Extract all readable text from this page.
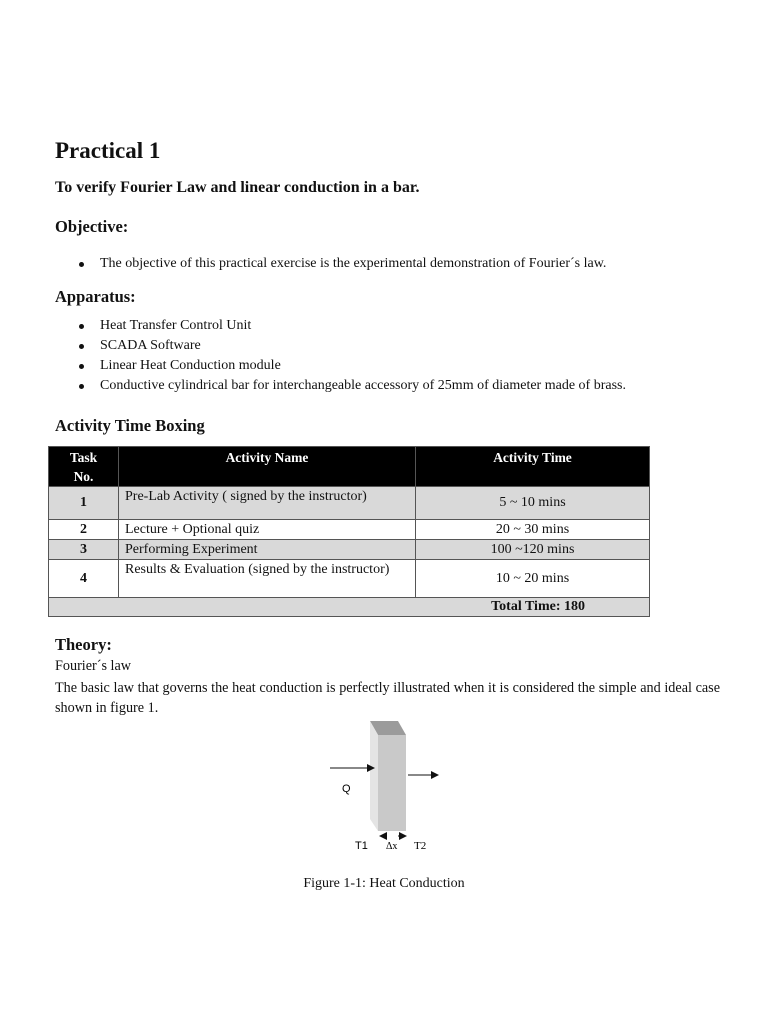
Practical 1
To verify Fourier Law and linear conduction in a bar.
Objective:
The objective of this practical exercise is the experimental demonstration of Fourier´s law.
Apparatus:
Heat Transfer Control Unit
SCADA Software
Linear Heat Conduction module
Conductive cylindrical bar for interchangeable accessory of 25mm of diameter made of brass.
Activity Time Boxing
Task
No.	Activity Name	Activity Time
1	Pre-Lab Activity ( signed by the instructor)	5 ~ 10 mins
2	Lecture + Optional quiz	20 ~ 30 mins
3	Performing Experiment	100 ~120 mins
4	Results & Evaluation (signed by the instructor)	10 ~ 20 mins
Total Time: 180		
Theory:
Fourier´s law
The basic law that governs the heat conduction is perfectly illustrated when it is considered the simple and ideal case shown in figure 1.
Q
T1 Δx T2
Figure 1-1: Heat Conduction
